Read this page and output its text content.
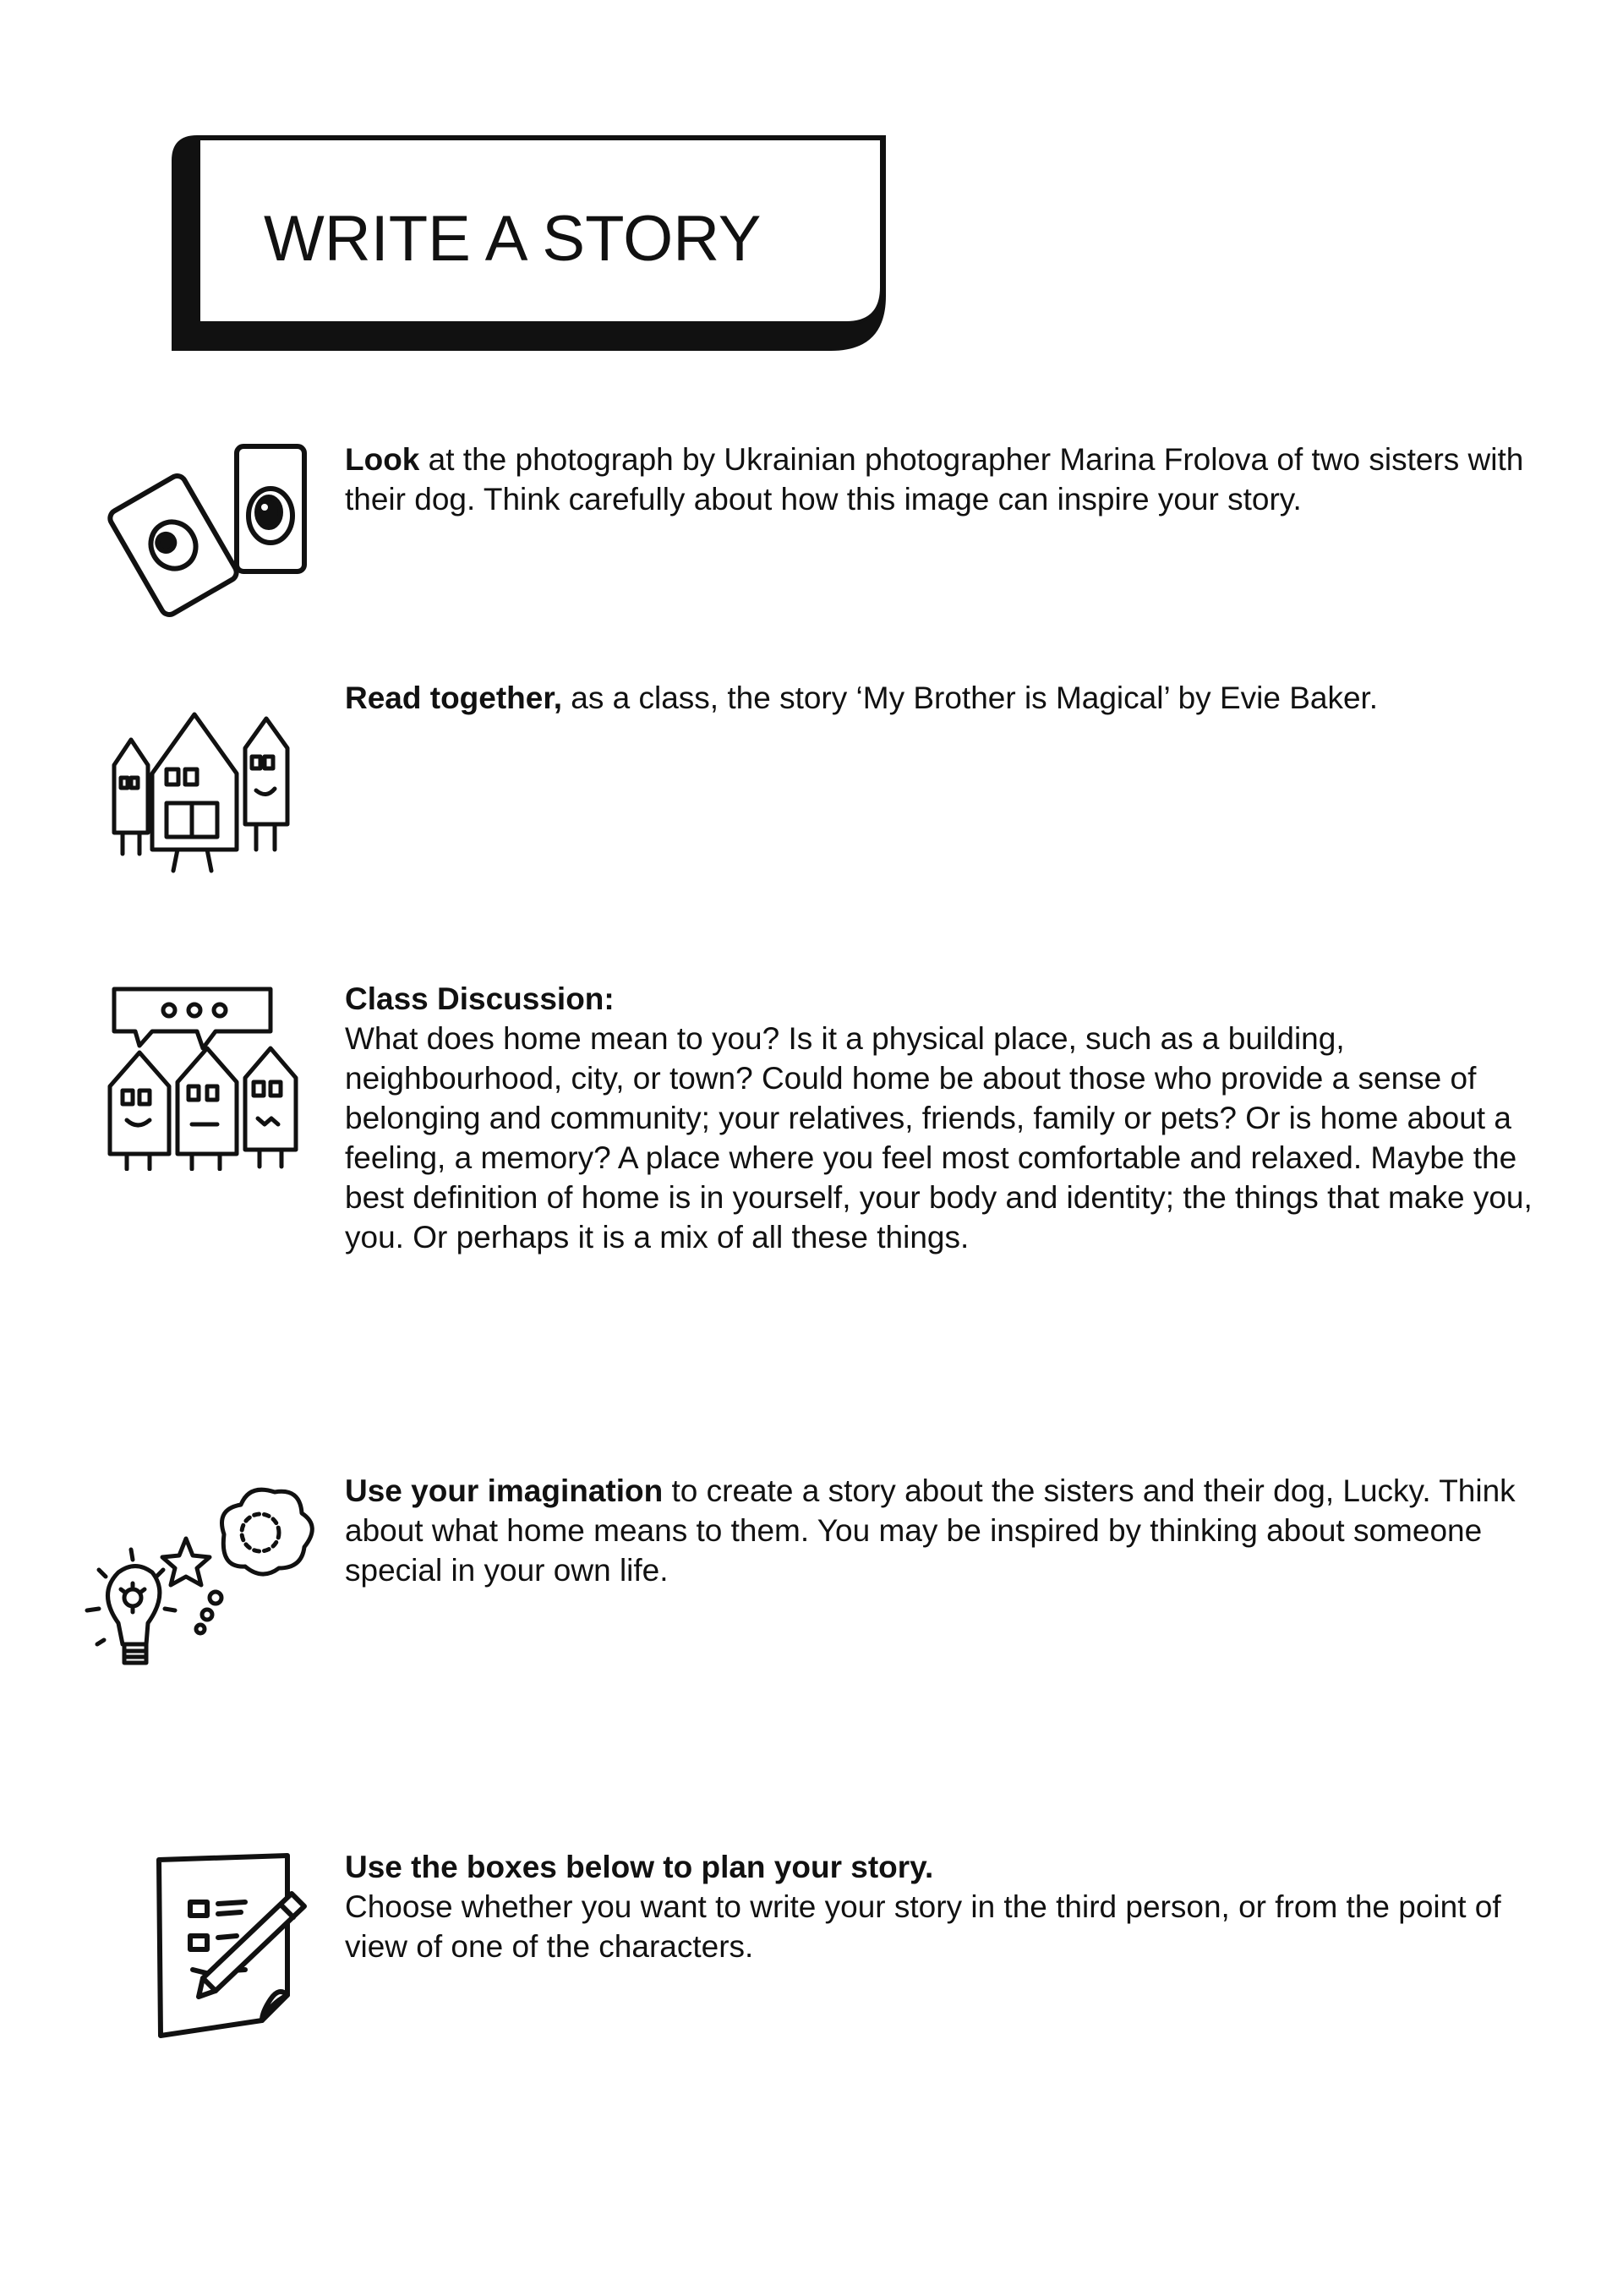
WRITE A STORY

Look at the photograph by Ukrainian photographer Marina Frolova of two sisters with their dog. Think carefully about how this image can inspire your story.

Read together, as a class, the story ‘My Brother is Magical’ by Evie Baker.

Class Discussion:

What does home mean to you? Is it a physical place, such as a building, neighbourhood, city, or town? Could home be about those who provide a sense of belonging and community; your relatives, friends, family or pets? Or is home about a feeling, a memory? A place where you feel most comfortable and relaxed. Maybe the best definition of home is in yourself, your body and identity; the things that make you, you. Or perhaps it is a mix of all these things.

Use your imagination to create a story about the sisters and their dog, Lucky. Think about what home means to them. You may be inspired by thinking about someone special in your own life.

Use the boxes below to plan your story.

Choose whether you want to write your story in the third person, or from the point of view of one of the characters.
